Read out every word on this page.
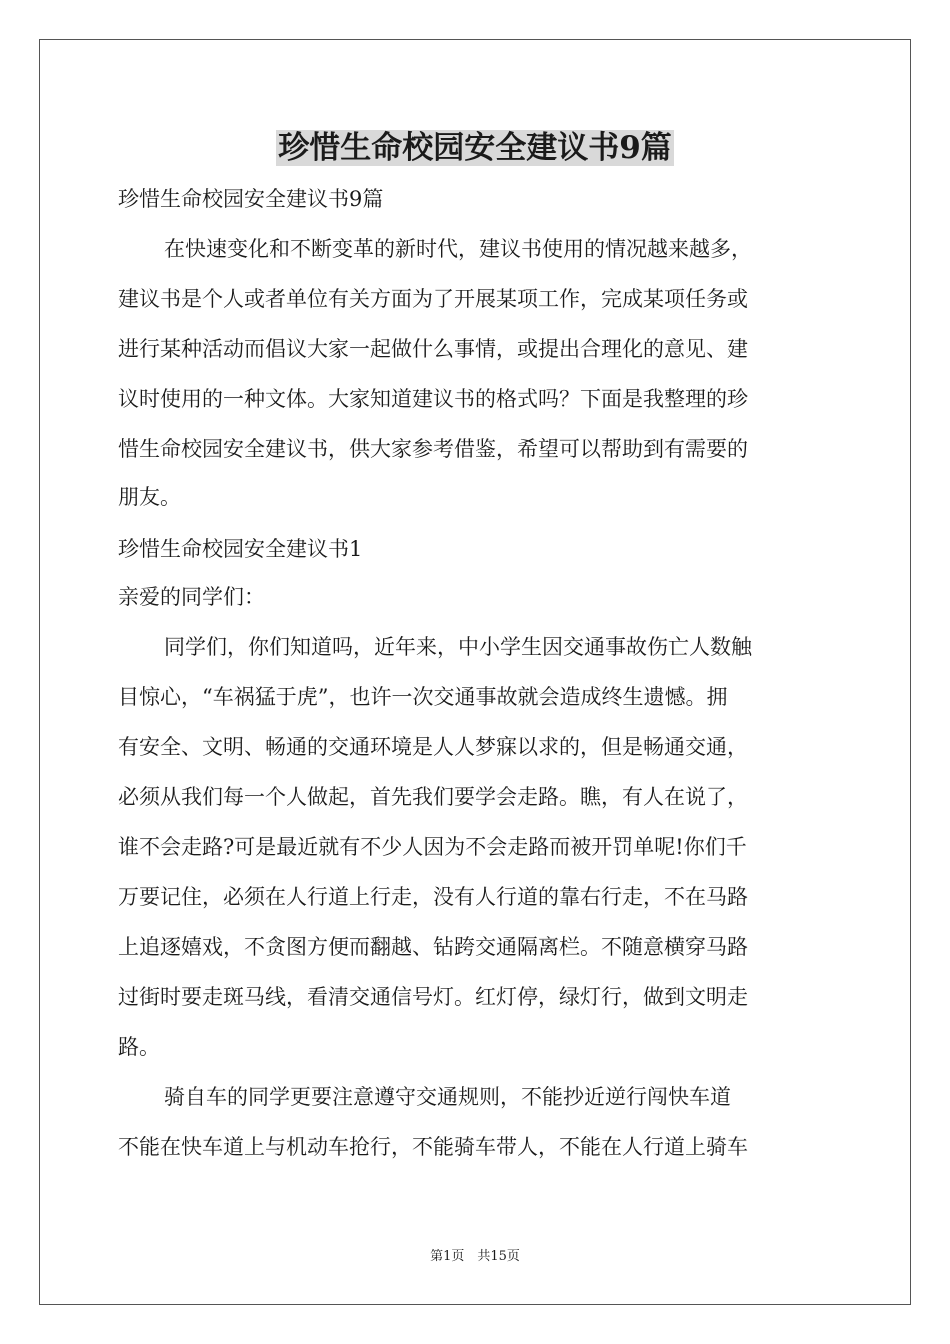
珍惜生命校园安全建议书9篇
珍惜生命校园安全建议书9篇
在快速变化和不断变革的新时代，建议书使用的情况越来越多，
建议书是个人或者单位有关方面为了开展某项工作，完成某项任务或
进行某种活动而倡议大家一起做什么事情，或提出合理化的意见、建
议时使用的一种文体。大家知道建议书的格式吗？下面是我整理的珍
惜生命校园安全建议书，供大家参考借鉴，希望可以帮助到有需要的
朋友。
珍惜生命校园安全建议书1
亲爱的同学们：
同学们，你们知道吗，近年来，中小学生因交通事故伤亡人数触
目惊心，“车祸猛于虎”，也许一次交通事故就会造成终生遗憾。拥
有安全、文明、畅通的交通环境是人人梦寐以求的，但是畅通交通，
必须从我们每一个人做起，首先我们要学会走路。瞧，有人在说了，
谁不会走路?可是最近就有不少人因为不会走路而被开罚单呢!你们千
万要记住，必须在人行道上行走，没有人行道的靠右行走，不在马路
上追逐嬉戏，不贪图方便而翻越、钻跨交通隔离栏。不随意横穿马路
过街时要走斑马线，看清交通信号灯。红灯停，绿灯行，做到文明走
路。
骑自车的同学更要注意遵守交通规则，不能抄近逆行闯快车道
不能在快车道上与机动车抢行，不能骑车带人，不能在人行道上骑车
第1页　共15页
